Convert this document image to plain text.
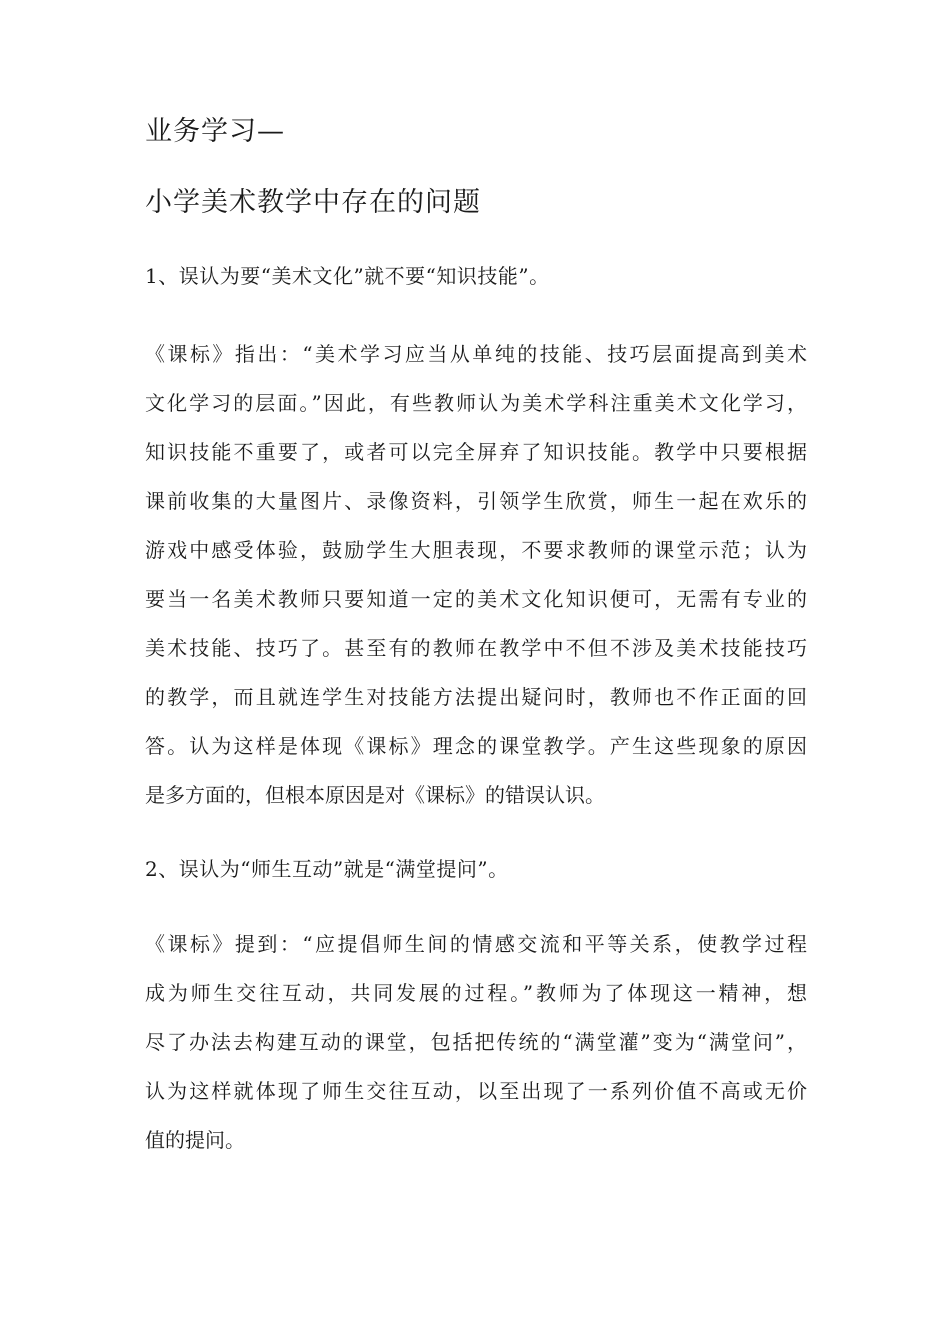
业务学习—
小学美术教学中存在的问题
1、误认为要“美术文化”就不要“知识技能”。
《课标》指出：“美术学习应当从单纯的技能、技巧层面提高到美术
文化学习的层面。”因此，有些教师认为美术学科注重美术文化学习，
知识技能不重要了，或者可以完全屏弃了知识技能。教学中只要根据
课前收集的大量图片、录像资料，引领学生欣赏，师生一起在欢乐的
游戏中感受体验，鼓励学生大胆表现，不要求教师的课堂示范；认为
要当一名美术教师只要知道一定的美术文化知识便可，无需有专业的
美术技能、技巧了。甚至有的教师在教学中不但不涉及美术技能技巧
的教学，而且就连学生对技能方法提出疑问时，教师也不作正面的回
答。认为这样是体现《课标》理念的课堂教学。产生这些现象的原因
是多方面的，但根本原因是对《课标》的错误认识。
2、误认为“师生互动”就是“满堂提问”。
《课标》提到：“应提倡师生间的情感交流和平等关系，使教学过程
成为师生交往互动，共同发展的过程。”教师为了体现这一精神，想
尽了办法去构建互动的课堂，包括把传统的“满堂灌”变为“满堂问”，
认为这样就体现了师生交往互动，以至出现了一系列价值不高或无价
值的提问。
